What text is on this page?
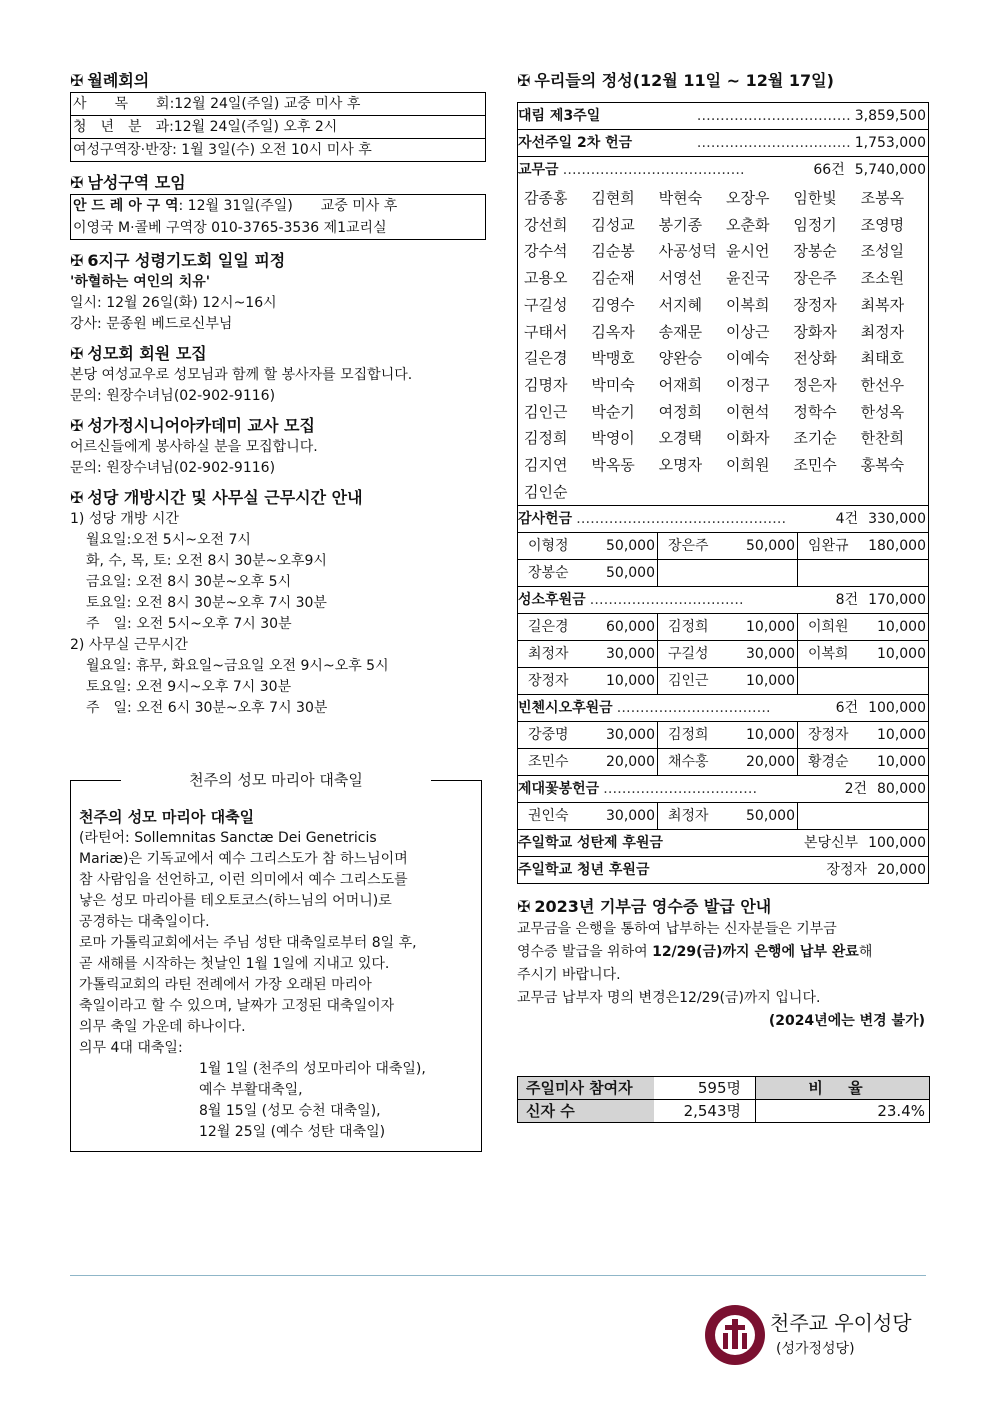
✠ 월례회의

사　　목　　회:12월 24일(주일) 교중 미사 후
청　년　분　과:12월 24일(주일) 오후 2시
여성구역장·반장: 1월 3일(수) 오전 10시 미사 후

✠ 남성구역 모임

안 드 레 아 구 역: 12월 31일(주일)　　교중 미사 후
이영국 M·콜베 구역장 010-3765-3536 제1교리실

✠ 6지구 성령기도회 일일 피정

'하혈하는 여인의 치유'
일시: 12월 26일(화) 12시~16시
강사: 문종원 베드로신부님

✠ 성모회 회원 모집

본당 여성교우로 성모님과 함께 할 봉사자를 모집합니다.
문의: 원장수녀님(02-902-9116)

✠ 성가정시니어아카데미 교사 모집

어르신들에게 봉사하실 분을 모집합니다.
문의: 원장수녀님(02-902-9116)

✠ 성당 개방시간 및 사무실 근무시간 안내

1) 성당 개방 시간
월요일:오전 5시~오전 7시
화, 수, 목, 토: 오전 8시 30분~오후9시
금요일: 오전 8시 30분~오후 5시
토요일: 오전 8시 30분~오후 7시 30분
주　일: 오전 5시~오후 7시 30분
2) 사무실 근무시간
월요일: 휴무, 화요일~금요일 오전 9시~오후 5시
토요일: 오전 9시~오후 7시 30분
주　일: 오전 6시 30분~오후 7시 30분
천주의 성모 마리아 대축일
천주의 성모 마리아 대축일
(라틴어: Sollemnitas Sanctæ Dei Genetricis
Mariæ)은 기독교에서 예수 그리스도가 참 하느님이며
참 사람임을 선언하고, 이런 의미에서 예수 그리스도를
낳은 성모 마리아를 테오토코스(하느님의 어머니)로
공경하는 대축일이다.
로마 가톨릭교회에서는 주님 성탄 대축일로부터 8일 후,
곧 새해를 시작하는 첫날인 1월 1일에 지내고 있다.
가톨릭교회의 라틴 전례에서 가장 오래된 마리아
축일이라고 할 수 있으며, 날짜가 고정된 대축일이자
의무 축일 가운데 하나이다.
의무 4대 대축일:
1월 1일 (천주의 성모마리아 대축일),
예수 부활대축일,
8월 15일 (성모 승천 대축일),
12월 25일 (예수 성탄 대축일)

✠ 우리들의 정성(12월 11일 ~ 12월 17일)

대림 제3주일	…………………………… 3,859,500
자선주일 2차 헌금	…………………………… 1,753,000
교무금 …………………………………	66건 5,740,000
감종홍	김현희	박현숙	오장우	임한빛	조봉옥
강선희	김성교	봉기종	오춘화	임정기	조영명
강수석	김순봉	사공성덕 윤시언	장봉순	조성일
고용오	김순재	서영선	윤진국	장은주	조소원
구길성	김영수	서지혜	이복희	장정자	최복자
구태서	김옥자	송재문	이상근	장화자	최정자
길은경	박맹호	양완승	이예숙	전상화	최태호
김명자	박미숙	어재희	이정구	정은자	한선우
김인근	박순기	여정희	이현석	정학수	한성옥
김정희	박영이	오경택	이화자	조기순	한찬희
김지연	박옥동	오명자	이희원	조민수	홍복숙
김인순
감사헌금 ………………………………………	4건 330,000
이형정	50,000 장은주	50,000 임완규 180,000
장봉순	50,000
성소후원금 ……………………………	8건 170,000
길은경	60,000 김정희	10,000 이희원 10,000
최정자	30,000 구길성	30,000 이복희 10,000
장정자	10,000 김인근	10,000
빈첸시오후원금 ……………………………	6건 100,000
강중명	30,000 김정희	10,000 장정자 10,000
조민수	20,000 채수홍	20,000 황경순 10,000
제대꽃봉헌금 ……………………………	2건 80,000
권인숙	30,000 최정자	50,000
주일학교 성탄제 후원금	본당신부 100,000
주일학교 청년 후원금	장정자 20,000

✠ 2023년 기부금 영수증 발급 안내

교무금을 은행을 통하여 납부하는 신자분들은 기부금
영수증 발급을 위하여 12/29(금)까지 은행에 납부 완료해
주시기 바랍니다.
교무금 납부자 명의 변경은12/29(금)까지 입니다.
(2024년에는 변경 불가)
주일미사 참여자	595명	비 율
신자 수	2,543명	23.4%
천주교 우이성당
(성가정성당)
